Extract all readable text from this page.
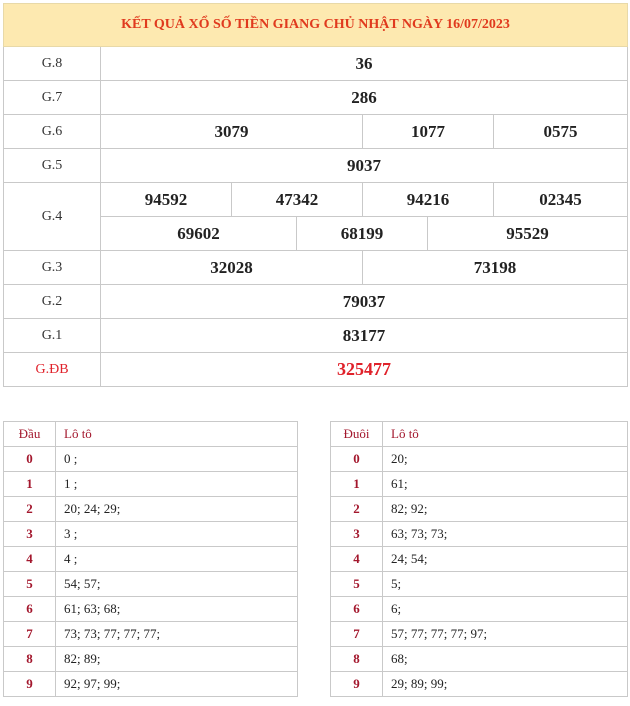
KẾT QUẢ XỔ SỐ TIỀN GIANG CHỦ NHẬT NGÀY 16/07/2023						
G.8	36					
G.7	286					
G.6	3079			1077		0575
G.5	9037					
G.4	94592	47342		94216		02345
	69602		68199		95529	
G.3	32028			73198		
G.2	79037					
G.1	83177					
G.ĐB	325477					
Đầu	Lô tô
0	0 ;
1	1 ;
2	20; 24; 29;
3	3 ;
4	4 ;
5	54; 57;
6	61; 63; 68;
7	73; 73; 77; 77; 77;
8	82; 89;
9	92; 97; 99;
Đuôi	Lô tô
0	20;
1	61;
2	82; 92;
3	63; 73; 73;
4	24; 54;
5	5;
6	6;
7	57; 77; 77; 77; 97;
8	68;
9	29; 89; 99;
